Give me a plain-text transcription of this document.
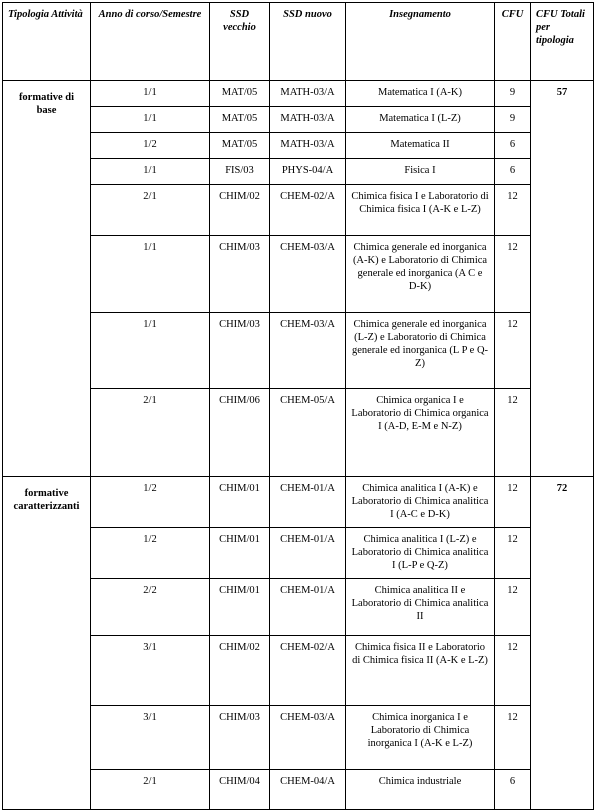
Tipologia Attività	Anno di corso/Semestre	SSD vecchio	SSD nuovo	Insegnamento	CFU	CFU Totali per tipologia
formative di base	1/1	MAT/05	MATH-03/A	Matematica I (A-K)	9	57
	1/1	MAT/05	MATH-03/A	Matematica I (L-Z)	9	
	1/2	MAT/05	MATH-03/A	Matematica II	6	
	1/1	FIS/03	PHYS-04/A	Fisica I	6	
	2/1	CHIM/02	CHEM-02/A	Chimica fisica I e Laboratorio di Chimica fisica I (A-K e L-Z)	12	
	1/1	CHIM/03	CHEM-03/A	Chimica generale ed inorganica (A-K) e Laboratorio di Chimica generale ed inorganica (A C e D-K)	12	
	1/1	CHIM/03	CHEM-03/A	Chimica generale ed inorganica (L-Z) e Laboratorio di Chimica generale ed inorganica (L P e Q-Z)	12	
	2/1	CHIM/06	CHEM-05/A	Chimica organica I e Laboratorio di Chimica organica I (A-D, E-M e N-Z)	12	
formative caratterizzanti	1/2	CHIM/01	CHEM-01/A	Chimica analitica I (A-K) e Laboratorio di Chimica analitica I (A-C e D-K)	12	72
	1/2	CHIM/01	CHEM-01/A	Chimica analitica I (L-Z) e Laboratorio di Chimica analitica I (L-P e Q-Z)	12	
	2/2	CHIM/01	CHEM-01/A	Chimica analitica II e Laboratorio di Chimica analitica II	12	
	3/1	CHIM/02	CHEM-02/A	Chimica fisica II e Laboratorio di Chimica fisica II (A-K e L-Z)	12	
	3/1	CHIM/03	CHEM-03/A	Chimica inorganica I e Laboratorio di Chimica inorganica I (A-K e L-Z)	12	
	2/1	CHIM/04	CHEM-04/A	Chimica industriale	6	
